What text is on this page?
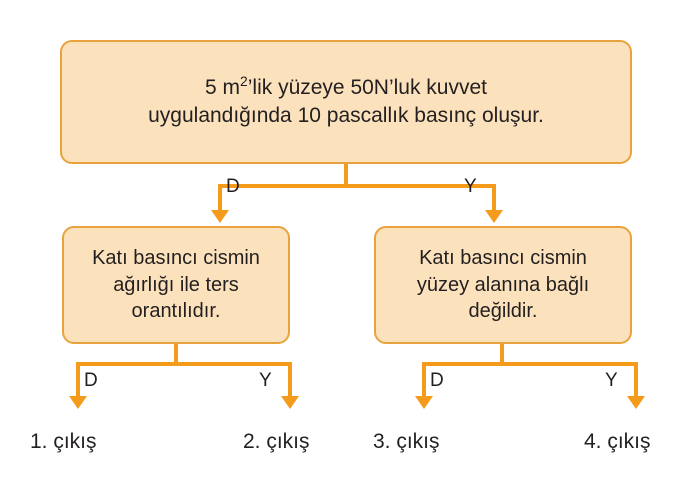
5 $m^2’lik$ yüzeye 50N’luk kuvvet
uygulandığında 10 pascallık basınç oluşur.
D	Y
Katı basıncı cismin
ağırlığı ile ters
orantılıdır.
Katı basıncı cismin
yüzey alanına bağlı
değildir.
D	Y	D	Y
1. çıkış	2. çıkış	3. çıkış	4. çıkış
